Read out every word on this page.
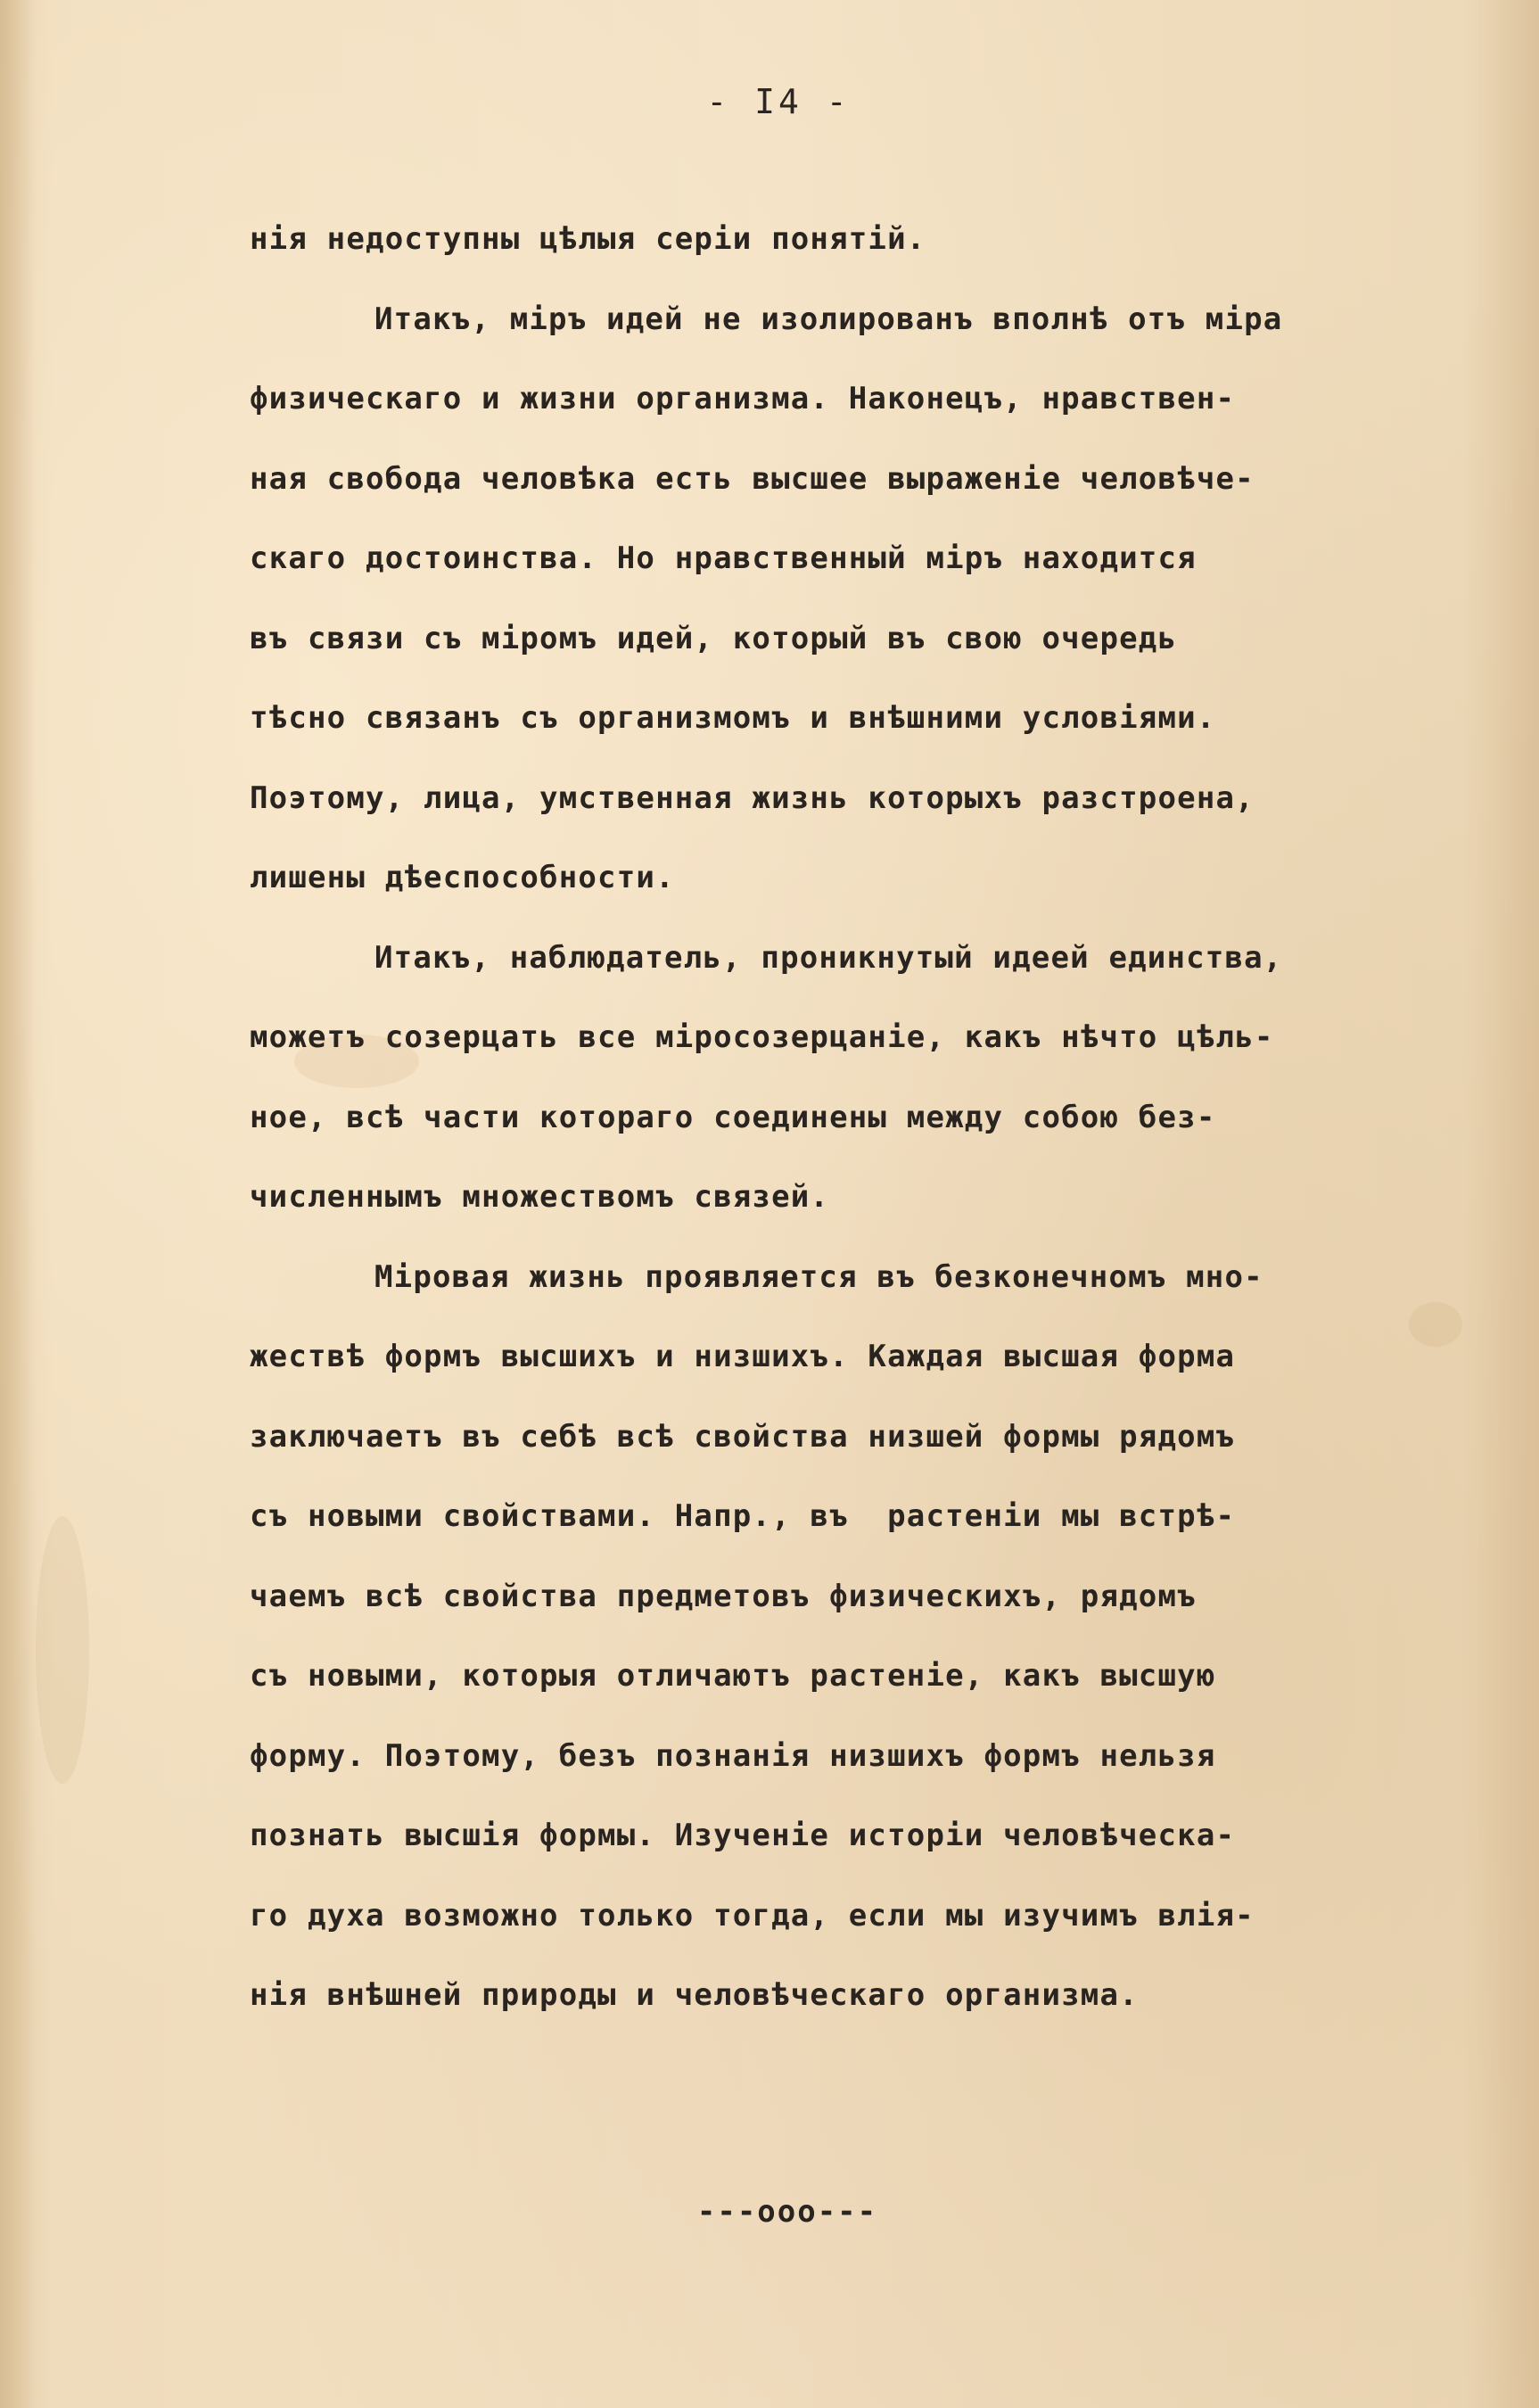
- I4 -
нія недоступны цѣлыя серіи понятій.
Итакъ, міръ идей не изолированъ вполнѣ отъ міра
физическаго и жизни организма. Наконецъ, нравствен-
ная свобода человѣка есть высшее выраженіе человѣче-
скаго достоинства. Но нравственный міръ находится
въ связи съ міромъ идей, который въ свою очередь
тѣсно связанъ съ организмомъ и внѣшними условіями.
Поэтому, лица, умственная жизнь которыхъ разстроена,
лишены дѣеспособности.
Итакъ, наблюдатель, проникнутый идеей единства,
можетъ созерцать все міросозерцаніе, какъ нѣчто цѣль-
ное, всѣ части котораго соединены между собою без-
численнымъ множествомъ связей.
Міровая жизнь проявляется въ безконечномъ мно-
жествѣ формъ высшихъ и низшихъ. Каждая высшая форма
заключаетъ въ себѣ всѣ свойства низшей формы рядомъ
съ новыми свойствами. Напр., въ  растеніи мы встрѣ-
чаемъ всѣ свойства предметовъ физическихъ, рядомъ
съ новыми, которыя отличаютъ растеніе, какъ высшую
форму. Поэтому, безъ познанія низшихъ формъ нельзя
познать высшія формы. Изученіе исторіи человѣческа-
го духа возможно только тогда, если мы изучимъ влія-
нія внѣшней природы и человѣческаго организма.
---ооо---
